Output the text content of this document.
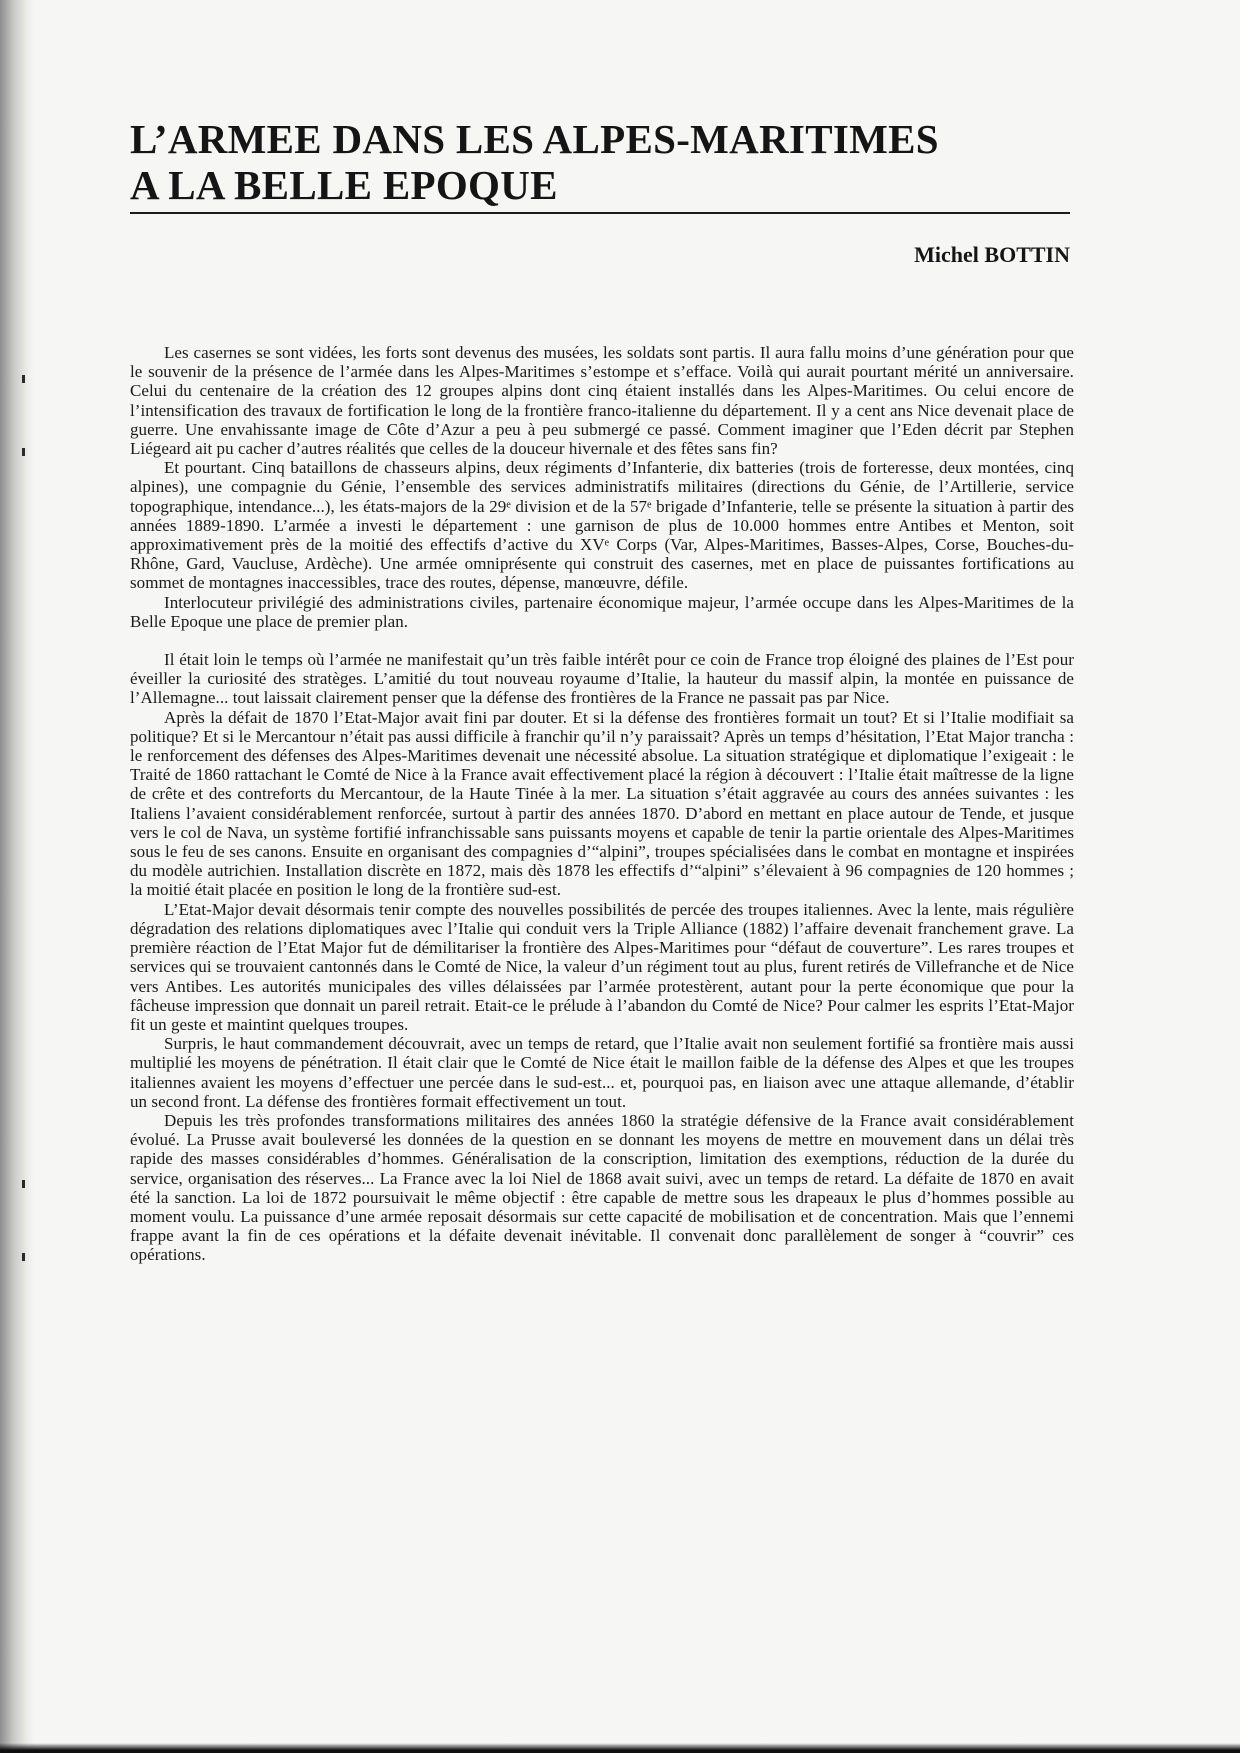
L’ARMEE DANS LES ALPES-MARITIMES
A LA BELLE EPOQUE
Michel BOTTIN

Les casernes se sont vidées, les forts sont devenus des musées, les soldats sont partis. Il aura fallu moins d’une génération pour que le souvenir de la présence de l’armée dans les Alpes-Maritimes s’estompe et s’efface. Voilà qui aurait pourtant mérité un anniversaire. Celui du centenaire de la création des 12 groupes alpins dont cinq étaient installés dans les Alpes-Maritimes. Ou celui encore de l’intensification des travaux de fortification le long de la frontière franco-italienne du département. Il y a cent ans Nice devenait place de guerre. Une envahissante image de Côte d’Azur a peu à peu submergé ce passé. Comment imaginer que l’Eden décrit par Stephen Liégeard ait pu cacher d’autres réalités que celles de la douceur hivernale et des fêtes sans fin?

Et pourtant. Cinq bataillons de chasseurs alpins, deux régiments d’Infanterie, dix batteries (trois de forteresse, deux montées, cinq alpines), une compagnie du Génie, l’ensemble des services administratifs militaires (directions du Génie, de l’Artillerie, service topographique, intendance...), les états-majors de la 29ᵉ division et de la 57ᵉ brigade d’Infanterie, telle se présente la situation à partir des années 1889-1890. L’armée a investi le département : une garnison de plus de 10.000 hommes entre Antibes et Menton, soit approximativement près de la moitié des effectifs d’active du XVᵉ Corps (Var, Alpes-Maritimes, Basses-Alpes, Corse, Bouches-du-Rhône, Gard, Vaucluse, Ardèche). Une armée omniprésente qui construit des casernes, met en place de puissantes fortifications au sommet de montagnes inaccessibles, trace des routes, dépense, manœuvre, défile.

Interlocuteur privilégié des administrations civiles, partenaire économique majeur, l’armée occupe dans les Alpes-Maritimes de la Belle Epoque une place de premier plan.

Il était loin le temps où l’armée ne manifestait qu’un très faible intérêt pour ce coin de France trop éloigné des plaines de l’Est pour éveiller la curiosité des stratèges. L’amitié du tout nouveau royaume d’Italie, la hauteur du massif alpin, la montée en puissance de l’Allemagne... tout laissait clairement penser que la défense des frontières de la France ne passait pas par Nice.

Après la défait de 1870 l’Etat-Major avait fini par douter. Et si la défense des frontières formait un tout? Et si l’Italie modifiait sa politique? Et si le Mercantour n’était pas aussi difficile à franchir qu’il n’y paraissait? Après un temps d’hésitation, l’Etat Major trancha : le renforcement des défenses des Alpes-Maritimes devenait une nécessité absolue. La situation stratégique et diplomatique l’exigeait : le Traité de 1860 rattachant le Comté de Nice à la France avait effectivement placé la région à découvert : l’Italie était maîtresse de la ligne de crête et des contreforts du Mercantour, de la Haute Tinée à la mer. La situation s’était aggravée au cours des années suivantes : les Italiens l’avaient considérablement renforcée, surtout à partir des années 1870. D’abord en mettant en place autour de Tende, et jusque vers le col de Nava, un système fortifié infranchissable sans puissants moyens et capable de tenir la partie orientale des Alpes-Maritimes sous le feu de ses canons. Ensuite en organisant des compagnies d’“alpini”, troupes spécialisées dans le combat en montagne et inspirées du modèle autrichien. Installation discrète en 1872, mais dès 1878 les effectifs d’“alpini” s’élevaient à 96 compagnies de 120 hommes ; la moitié était placée en position le long de la frontière sud-est.

L’Etat-Major devait désormais tenir compte des nouvelles possibilités de percée des troupes italiennes. Avec la lente, mais régulière dégradation des relations diplomatiques avec l’Italie qui conduit vers la Triple Alliance (1882) l’affaire devenait franchement grave. La première réaction de l’Etat Major fut de démilitariser la frontière des Alpes-Maritimes pour “défaut de couverture”. Les rares troupes et services qui se trouvaient cantonnés dans le Comté de Nice, la valeur d’un régiment tout au plus, furent retirés de Villefranche et de Nice vers Antibes. Les autorités municipales des villes délaissées par l’armée protestèrent, autant pour la perte économique que pour la fâcheuse impression que donnait un pareil retrait. Etait-ce le prélude à l’abandon du Comté de Nice? Pour calmer les esprits l’Etat-Major fit un geste et maintint quelques troupes.

Surpris, le haut commandement découvrait, avec un temps de retard, que l’Italie avait non seulement fortifié sa frontière mais aussi multiplié les moyens de pénétration. Il était clair que le Comté de Nice était le maillon faible de la défense des Alpes et que les troupes italiennes avaient les moyens d’effectuer une percée dans le sud-est... et, pourquoi pas, en liaison avec une attaque allemande, d’établir un second front. La défense des frontières formait effectivement un tout.

Depuis les très profondes transformations militaires des années 1860 la stratégie défensive de la France avait considérablement évolué. La Prusse avait bouleversé les données de la question en se donnant les moyens de mettre en mouvement dans un délai très rapide des masses considérables d’hommes. Généralisation de la conscription, limitation des exemptions, réduction de la durée du service, organisation des réserves... La France avec la loi Niel de 1868 avait suivi, avec un temps de retard. La défaite de 1870 en avait été la sanction. La loi de 1872 poursuivait le même objectif : être capable de mettre sous les drapeaux le plus d’hommes possible au moment voulu. La puissance d’une armée reposait désormais sur cette capacité de mobilisation et de concentration. Mais que l’ennemi frappe avant la fin de ces opérations et la défaite devenait inévitable. Il convenait donc parallèlement de songer à “couvrir” ces opérations.
